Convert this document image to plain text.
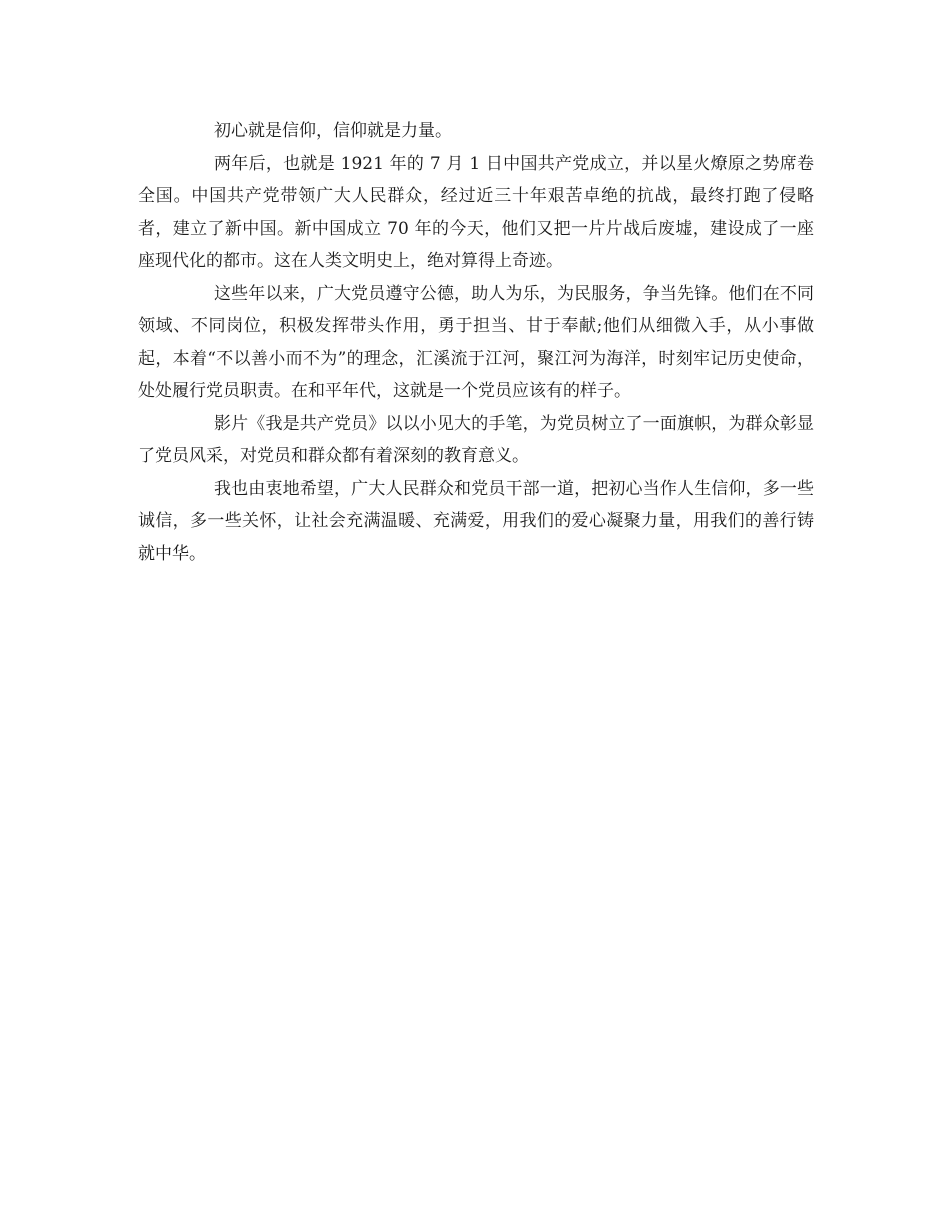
初心就是信仰，信仰就是力量。

两年后，也就是 1921 年的 7 月 1 日中国共产党成立，并以星火燎原之势席卷全国。中国共产党带领广大人民群众，经过近三十年艰苦卓绝的抗战，最终打跑了侵略者，建立了新中国。新中国成立 70 年的今天，他们又把一片片战后废墟，建设成了一座座现代化的都市。这在人类文明史上，绝对算得上奇迹。

这些年以来，广大党员遵守公德，助人为乐，为民服务，争当先锋。他们在不同领域、不同岗位，积极发挥带头作用，勇于担当、甘于奉献;他们从细微入手，从小事做起，本着“不以善小而不为”的理念，汇溪流于江河，聚江河为海洋，时刻牢记历史使命，处处履行党员职责。在和平年代，这就是一个党员应该有的样子。

影片《我是共产党员》以以小见大的手笔，为党员树立了一面旗帜，为群众彰显了党员风采，对党员和群众都有着深刻的教育意义。

我也由衷地希望，广大人民群众和党员干部一道，把初心当作人生信仰，多一些诚信，多一些关怀，让社会充满温暖、充满爱，用我们的爱心凝聚力量，用我们的善行铸就中华。
